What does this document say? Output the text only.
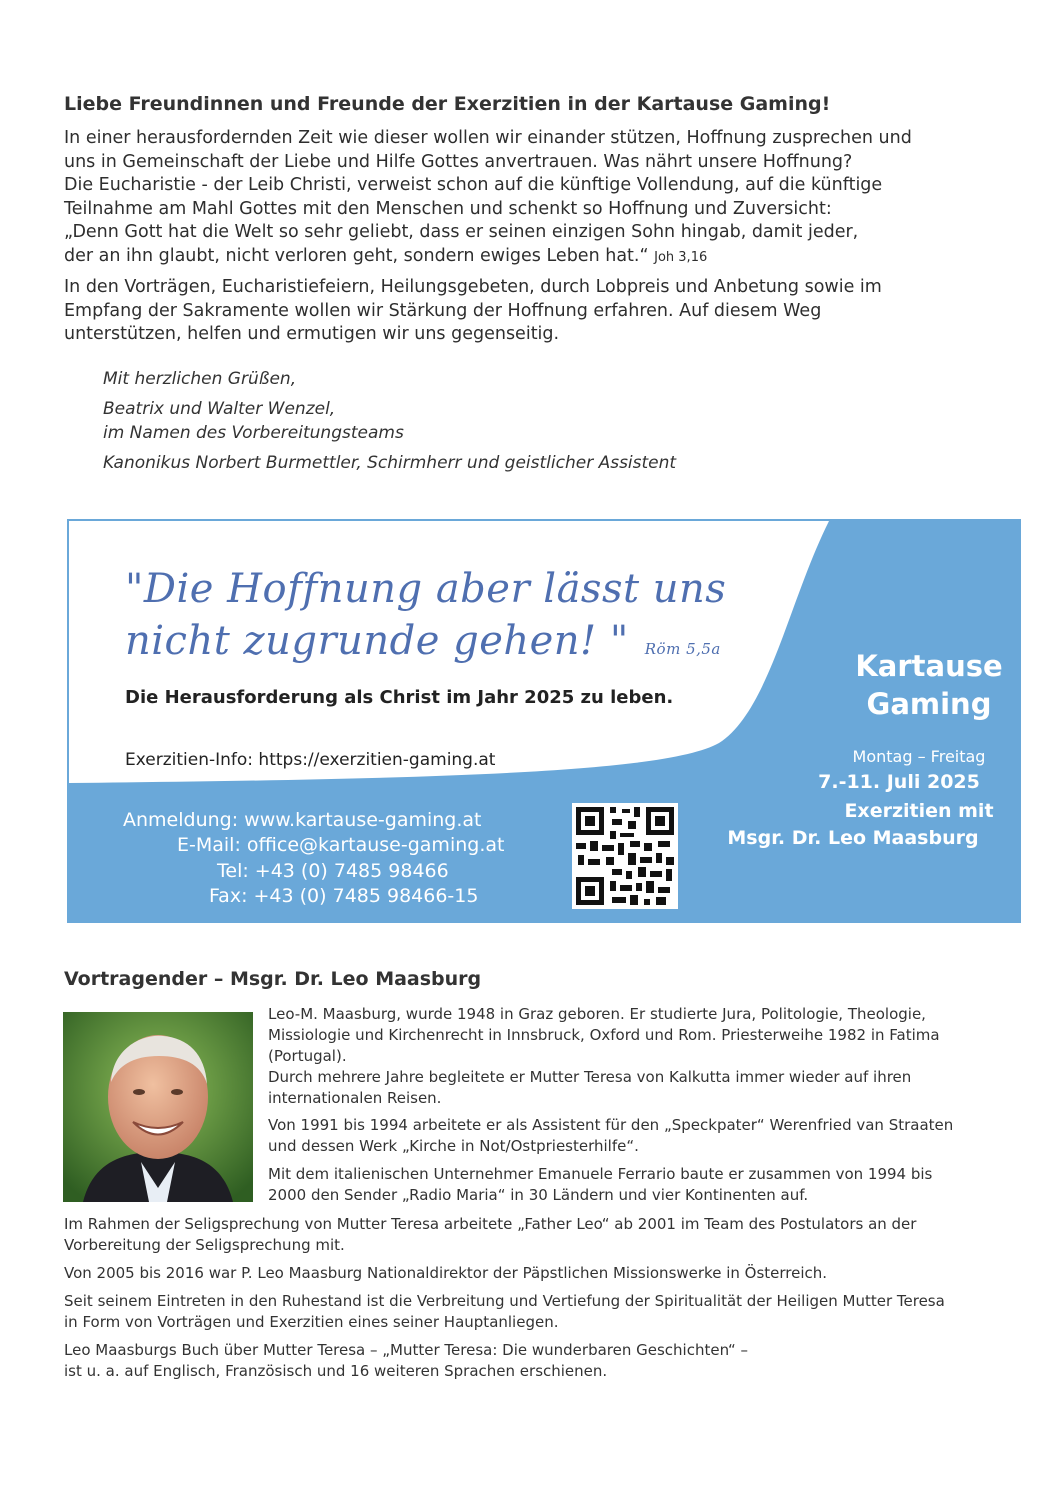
Liebe Freundinnen und Freunde der Exerzitien in der Kartause Gaming!
In einer herausfordernden Zeit wie dieser wollen wir einander stützen, Hoffnung zusprechen und
uns in Gemeinschaft der Liebe und Hilfe Gottes anvertrauen. Was nährt unsere Hoffnung?
Die Eucharistie - der Leib Christi, verweist schon auf die künftige Vollendung, auf die künftige
Teilnahme am Mahl Gottes mit den Menschen und schenkt so Hoffnung und Zuversicht:
„Denn Gott hat die Welt so sehr geliebt, dass er seinen einzigen Sohn hingab, damit jeder,
der an ihn glaubt, nicht verloren geht, sondern ewiges Leben hat.“ Joh 3,16
In den Vorträgen, Eucharistiefeiern, Heilungsgebeten, durch Lobpreis und Anbetung sowie im
Empfang der Sakramente wollen wir Stärkung der Hoffnung erfahren. Auf diesem Weg
unterstützen, helfen und ermutigen wir uns gegenseitig.
Mit herzlichen Grüßen,
Beatrix und Walter Wenzel,
im Namen des Vorbereitungsteams
Kanonikus Norbert Burmettler, Schirmherr und geistlicher Assistent
"Die Hoffnung aber lässt uns
nicht zugrunde gehen! " Röm 5,5a
Die Herausforderung als Christ im Jahr 2025 zu leben.
Exerzitien-Info: https://exerzitien-gaming.at
Anmeldung: www.kartause-gaming.at
E-Mail: office@kartause-gaming.at
Tel: +43 (0) 7485 98466
Fax: +43 (0) 7485 98466-15
Kartause
Gaming
Montag – Freitag
7.-11. Juli 2025
Exerzitien mit
Msgr. Dr. Leo Maasburg
Vortragender – Msgr. Dr. Leo Maasburg
Leo-M. Maasburg, wurde 1948 in Graz geboren. Er studierte Jura, Politologie, Theologie,
Missiologie und Kirchenrecht in Innsbruck, Oxford und Rom. Priesterweihe 1982 in Fatima
(Portugal).
Durch mehrere Jahre begleitete er Mutter Teresa von Kalkutta immer wieder auf ihren
internationalen Reisen.
Von 1991 bis 1994 arbeitete er als Assistent für den „Speckpater“ Werenfried van Straaten
und dessen Werk „Kirche in Not/Ostpriesterhilfe“.
Mit dem italienischen Unternehmer Emanuele Ferrario baute er zusammen von 1994 bis
2000 den Sender „Radio Maria“ in 30 Ländern und vier Kontinenten auf.
Im Rahmen der Seligsprechung von Mutter Teresa arbeitete „Father Leo“ ab 2001 im Team des Postulators an der
Vorbereitung der Seligsprechung mit.
Von 2005 bis 2016 war P. Leo Maasburg Nationaldirektor der Päpstlichen Missionswerke in Österreich.
Seit seinem Eintreten in den Ruhestand ist die Verbreitung und Vertiefung der Spiritualität der Heiligen Mutter Teresa
in Form von Vorträgen und Exerzitien eines seiner Hauptanliegen.
Leo Maasburgs Buch über Mutter Teresa – „Mutter Teresa: Die wunderbaren Geschichten“ –
ist u. a. auf Englisch, Französisch und 16 weiteren Sprachen erschienen.
